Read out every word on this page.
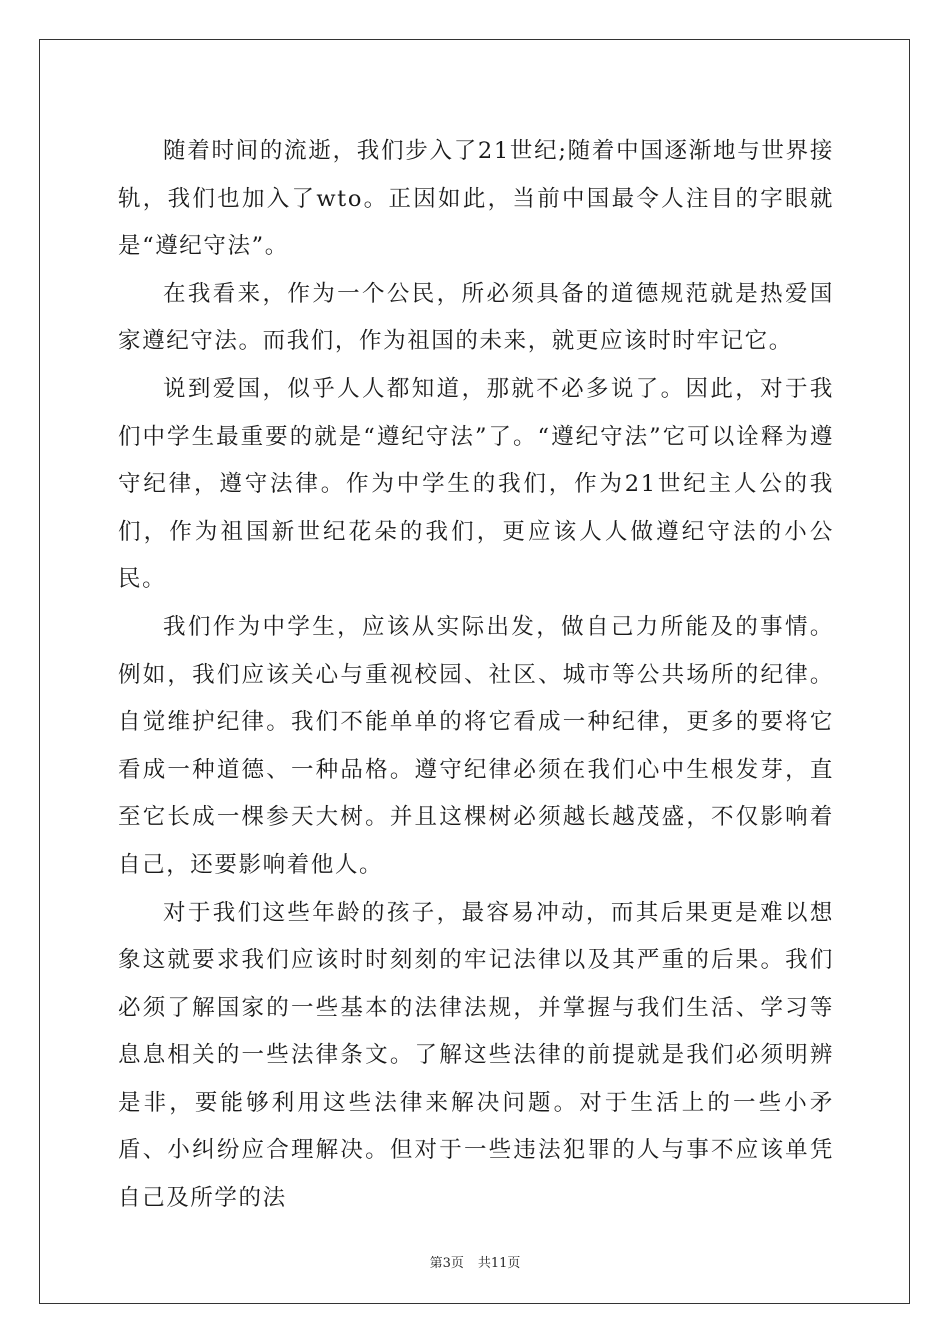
随着时间的流逝，我们步入了21世纪;随着中国逐渐地与世界接轨，我们也加入了wto。正因如此，当前中国最令人注目的字眼就是“遵纪守法”。

在我看来，作为一个公民，所必须具备的道德规范就是热爱国家遵纪守法。而我们，作为祖国的未来，就更应该时时牢记它。

说到爱国，似乎人人都知道，那就不必多说了。因此，对于我们中学生最重要的就是“遵纪守法”了。“遵纪守法”它可以诠释为遵守纪律，遵守法律。作为中学生的我们，作为21世纪主人公的我们，作为祖国新世纪花朵的我们，更应该人人做遵纪守法的小公民。

我们作为中学生，应该从实际出发，做自己力所能及的事情。例如，我们应该关心与重视校园、社区、城市等公共场所的纪律。自觉维护纪律。我们不能单单的将它看成一种纪律，更多的要将它看成一种道德、一种品格。遵守纪律必须在我们心中生根发芽，直至它长成一棵参天大树。并且这棵树必须越长越茂盛，不仅影响着自己，还要影响着他人。

对于我们这些年龄的孩子，最容易冲动，而其后果更是难以想象这就要求我们应该时时刻刻的牢记法律以及其严重的后果。我们必须了解国家的一些基本的法律法规，并掌握与我们生活、学习等息息相关的一些法律条文。了解这些法律的前提就是我们必须明辨是非，要能够利用这些法律来解决问题。对于生活上的一些小矛盾、小纠纷应合理解决。但对于一些违法犯罪的人与事不应该单凭自己及所学的法

第3页 共11页
